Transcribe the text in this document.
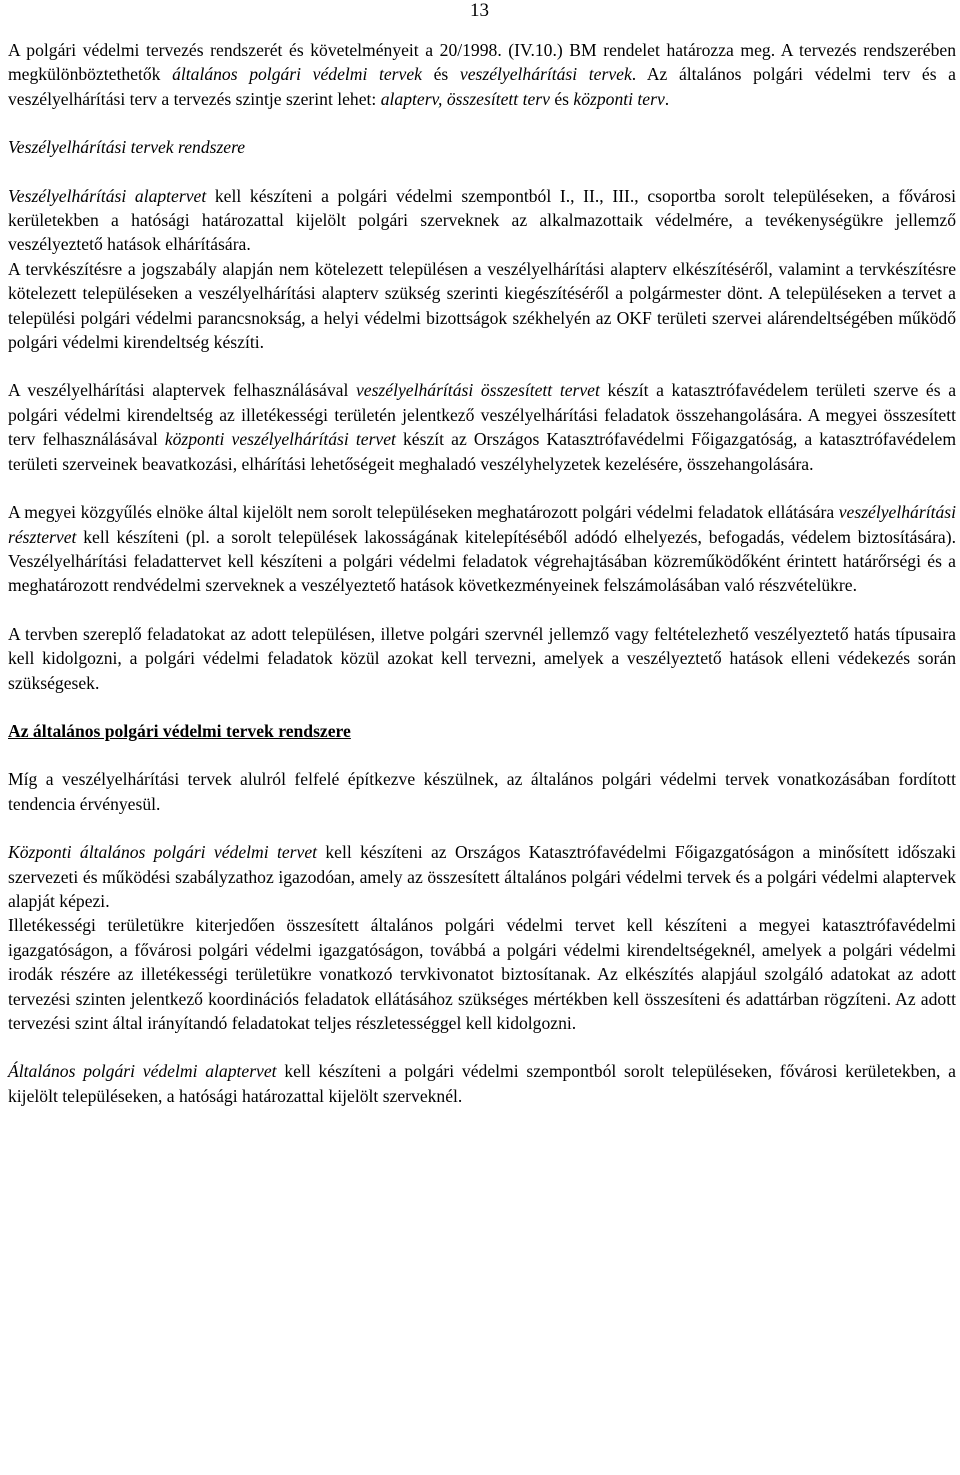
13

A polgári védelmi tervezés rendszerét és követelményeit a 20/1998. (IV.10.) BM rendelet határozza meg. A tervezés rendszerében megkülönböztethetők általános polgári védelmi tervek és veszélyelhárítási tervek. Az általános polgári védelmi terv és a veszélyelhárítási terv a tervezés szintje szerint lehet: alapterv, összesített terv és központi terv.

Veszélyelhárítási tervek rendszere

Veszélyelhárítási alaptervet kell készíteni a polgári védelmi szempontból I., II., III., csoportba sorolt településeken, a fővárosi kerületekben a hatósági határozattal kijelölt polgári szerveknek az alkalmazottaik védelmére, a tevékenységükre jellemző veszélyeztető hatások elhárítására.

A tervkészítésre a jogszabály alapján nem kötelezett településen a veszélyelhárítási alapterv elkészítéséről, valamint a tervkészítésre kötelezett településeken a veszélyelhárítási alapterv szükség szerinti kiegészítéséről a polgármester dönt. A településeken a tervet a települési polgári védelmi parancsnokság, a helyi védelmi bizottságok székhelyén az OKF területi szervei alárendeltségében működő polgári védelmi kirendeltség készíti.

A veszélyelhárítási alaptervek felhasználásával veszélyelhárítási összesített tervet készít a katasztrófavédelem területi szerve és a polgári védelmi kirendeltség az illetékességi területén jelentkező veszélyelhárítási feladatok összehangolására. A megyei összesített terv felhasználásával központi veszélyelhárítási tervet készít az Országos Katasztrófavédelmi Főigazgatóság, a katasztrófavédelem területi szerveinek beavatkozási, elhárítási lehetőségeit meghaladó veszélyhelyzetek kezelésére, összehangolására.

A megyei közgyűlés elnöke által kijelölt nem sorolt településeken meghatározott polgári védelmi feladatok ellátására veszélyelhárítási résztervet kell készíteni (pl. a sorolt települések lakosságának kitelepítéséből adódó elhelyezés, befogadás, védelem biztosítására). Veszélyelhárítási feladattervet kell készíteni a polgári védelmi feladatok végrehajtásában közreműködőként érintett határőrségi és a meghatározott rendvédelmi szerveknek a veszélyeztető hatások következményeinek felszámolásában való részvételükre.

A tervben szereplő feladatokat az adott településen, illetve polgári szervnél jellemző vagy feltételezhető veszélyeztető hatás típusaira kell kidolgozni, a polgári védelmi feladatok közül azokat kell tervezni, amelyek a veszélyeztető hatások elleni védekezés során szükségesek.

Az általános polgári védelmi tervek rendszere

Míg a veszélyelhárítási tervek alulról felfelé építkezve készülnek, az általános polgári védelmi tervek vonatkozásában fordított tendencia érvényesül.

Központi általános polgári védelmi tervet kell készíteni az Országos Katasztrófavédelmi Főigazgatóságon a minősített időszaki szervezeti és működési szabályzathoz igazodóan, amely az összesített általános polgári védelmi tervek és a polgári védelmi alaptervek alapját képezi.

Illetékességi területükre kiterjedően összesített általános polgári védelmi tervet kell készíteni a megyei katasztrófavédelmi igazgatóságon, a fővárosi polgári védelmi igazgatóságon, továbbá a polgári védelmi kirendeltségeknél, amelyek a polgári védelmi irodák részére az illetékességi területükre vonatkozó tervkivonatot biztosítanak. Az elkészítés alapjául szolgáló adatokat az adott tervezési szinten jelentkező koordinációs feladatok ellátásához szükséges mértékben kell összesíteni és adattárban rögzíteni. Az adott tervezési szint által irányítandó feladatokat teljes részletességgel kell kidolgozni.

Általános polgári védelmi alaptervet kell készíteni a polgári védelmi szempontból sorolt településeken, fővárosi kerületekben, a kijelölt településeken, a hatósági határozattal kijelölt szerveknél.
